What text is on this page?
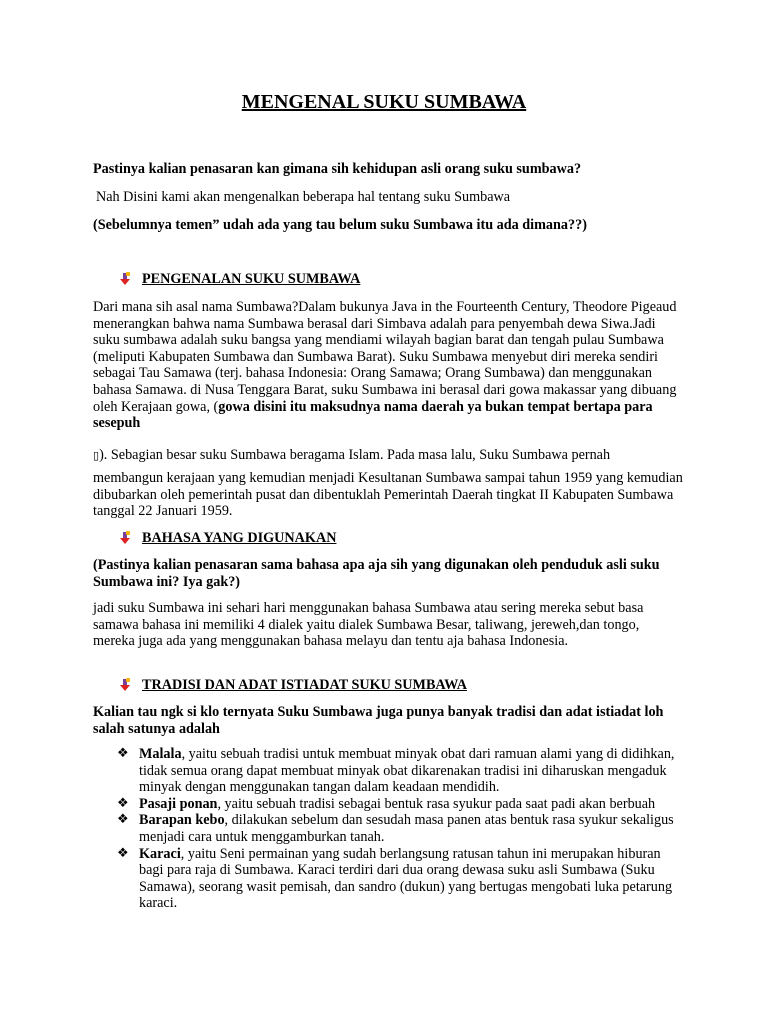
MENGENAL SUKU SUMBAWA
Pastinya kalian penasaran kan gimana sih kehidupan asli orang suku sumbawa?
Nah Disini kami akan mengenalkan beberapa hal tentang suku Sumbawa
(Sebelumnya temen” udah ada yang tau belum suku Sumbawa itu ada dimana??)
PENGENALAN SUKU SUMBAWA
Dari mana sih asal nama Sumbawa?Dalam bukunya Java in the Fourteenth Century, Theodore Pigeaud menerangkan bahwa nama Sumbawa berasal dari Simbava adalah para penyembah dewa Siwa.Jadi suku sumbawa adalah suku bangsa yang mendiami wilayah bagian barat dan tengah pulau Sumbawa (meliputi Kabupaten Sumbawa dan Sumbawa Barat). Suku Sumbawa menyebut diri mereka sendiri sebagai Tau Samawa (terj. bahasa Indonesia: Orang Samawa; Orang Sumbawa) dan menggunakan bahasa Samawa. di Nusa Tenggara Barat, suku Sumbawa ini berasal dari gowa makassar yang dibuang oleh Kerajaan gowa, (gowa disini itu maksudnya nama daerah ya bukan tempat bertapa para sesepuh
▯). Sebagian besar suku Sumbawa beragama Islam. Pada masa lalu, Suku Sumbawa pernah
membangun kerajaan yang kemudian menjadi Kesultanan Sumbawa sampai tahun 1959 yang kemudian dibubarkan oleh pemerintah pusat dan dibentuklah Pemerintah Daerah tingkat II Kabupaten Sumbawa tanggal 22 Januari 1959.
BAHASA YANG DIGUNAKAN
(Pastinya kalian penasaran sama bahasa apa aja sih yang digunakan oleh penduduk asli suku Sumbawa ini? Iya gak?)
jadi suku Sumbawa ini sehari hari menggunakan bahasa Sumbawa atau sering mereka sebut basa samawa bahasa ini memiliki 4 dialek yaitu dialek Sumbawa Besar, taliwang, jereweh,dan tongo, mereka juga ada yang menggunakan bahasa melayu dan tentu aja bahasa Indonesia.
TRADISI DAN ADAT ISTIADAT SUKU SUMBAWA
Kalian tau ngk si klo ternyata Suku Sumbawa juga punya banyak tradisi dan adat istiadat loh salah satunya adalah
❖ Malala, yaitu sebuah tradisi untuk membuat minyak obat dari ramuan alami yang di didihkan, tidak semua orang dapat membuat minyak obat dikarenakan tradisi ini diharuskan mengaduk minyak dengan menggunakan tangan dalam keadaan mendidih.
❖ Pasaji ponan, yaitu sebuah tradisi sebagai bentuk rasa syukur pada saat padi akan berbuah
❖ Barapan kebo, dilakukan sebelum dan sesudah masa panen atas bentuk rasa syukur sekaligus menjadi cara untuk menggamburkan tanah.
❖ Karaci, yaitu Seni permainan yang sudah berlangsung ratusan tahun ini merupakan hiburan bagi para raja di Sumbawa. Karaci terdiri dari dua orang dewasa suku asli Sumbawa (Suku Samawa), seorang wasit pemisah, dan sandro (dukun) yang bertugas mengobati luka petarung karaci.
